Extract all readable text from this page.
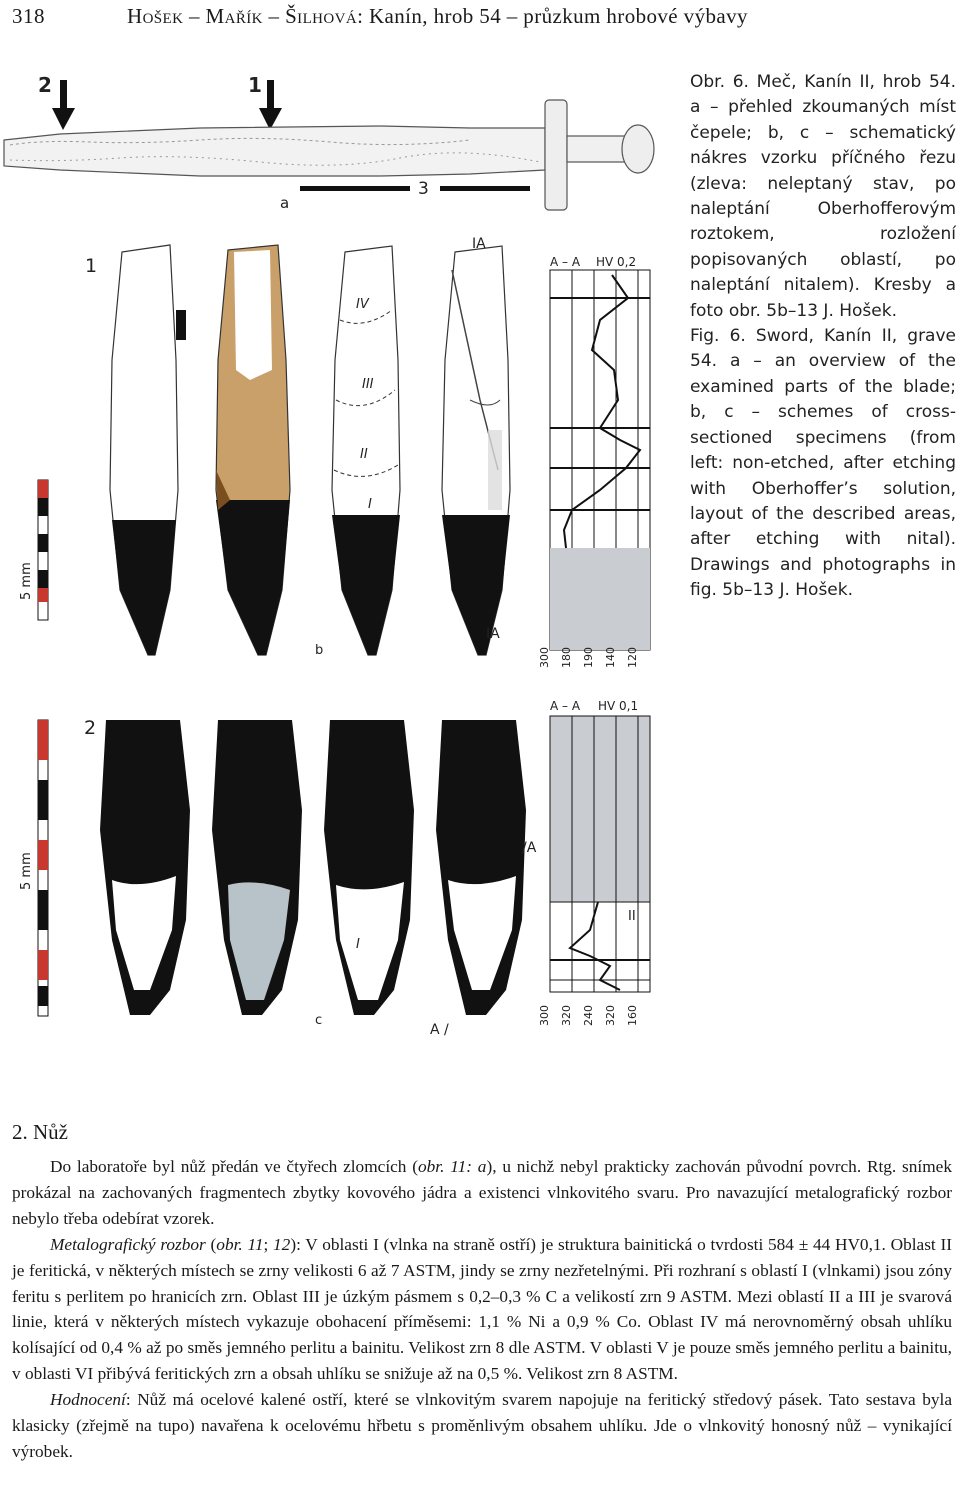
318	Hošek – Mařík – Šilhová: Kanín, hrob 54 – průzkum hrobové výbavy
2	1
a
3
1
IV
III
II
I
IA
IA
5 mm
A – A HV 0,2
300 180 190 140 120
b

Obr. 6. Meč, Kanín II, hrob 54. a – přehled zkoumaných míst čepele; b, c – schematický nákres vzorku příčného řezu (zleva: neleptaný stav, po naleptání Oberhofferovým roztokem, rozložení popisovaných oblastí, po naleptání nitalem). Kresby a foto obr. 5b–13 J. Hošek.

Fig. 6. Sword, Kanín II, grave 54. a – an overview of the examined parts of the blade; b, c – schemes of cross-sectioned specimens (from left: non-etched, after etching with Oberhoffer’s solution, layout of the described areas, after etching with nital). Drawings and photographs in fig. 5b–13 J. Hošek.

2
5 mm
I
/A
A /
A – A HV 0,1
II
300 320 240 320 160
c
2. Nůž

Do laboratoře byl nůž předán ve čtyřech zlomcích (obr. 11: a), u nichž nebyl prakticky zachován původní povrch. Rtg. snímek prokázal na zachovaných fragmentech zbytky kovového jádra a existenci vlnkovitého svaru. Pro navazující metalografický rozbor nebylo třeba odebírat vzorek.

Metalografický rozbor (obr. 11; 12): V oblasti I (vlnka na straně ostří) je struktura bainitická o tvrdosti 584 ± 44 HV0,1. Oblast II je feritická, v některých místech se zrny velikosti 6 až 7 ASTM, jindy se zrny nezřetelnými. Při rozhraní s oblastí I (vlnkami) jsou zóny feritu s perlitem po hranicích zrn. Oblast III je úzkým pásmem s 0,2–0,3 % C a velikostí zrn 9 ASTM. Mezi oblastí II a III je svarová linie, která v některých místech vykazuje obohacení příměsemi: 1,1 % Ni a 0,9 % Co. Oblast IV má nerovnoměrný obsah uhlíku kolísající od 0,4 % až po směs jemného perlitu a bainitu. Velikost zrn 8 dle ASTM. V oblasti V je pouze směs jemného perlitu a bainitu, v oblasti VI přibývá feritických zrn a obsah uhlíku se snižuje až na 0,5 %. Velikost zrn 8 ASTM.

Hodnocení: Nůž má ocelové kalené ostří, které se vlnkovitým svarem napojuje na feritický středový pásek. Tato sestava byla klasicky (zřejmě na tupo) navařena k ocelovému hřbetu s proměnlivým obsahem uhlíku. Jde o vlnkovitý honosný nůž – vynikající výrobek.
